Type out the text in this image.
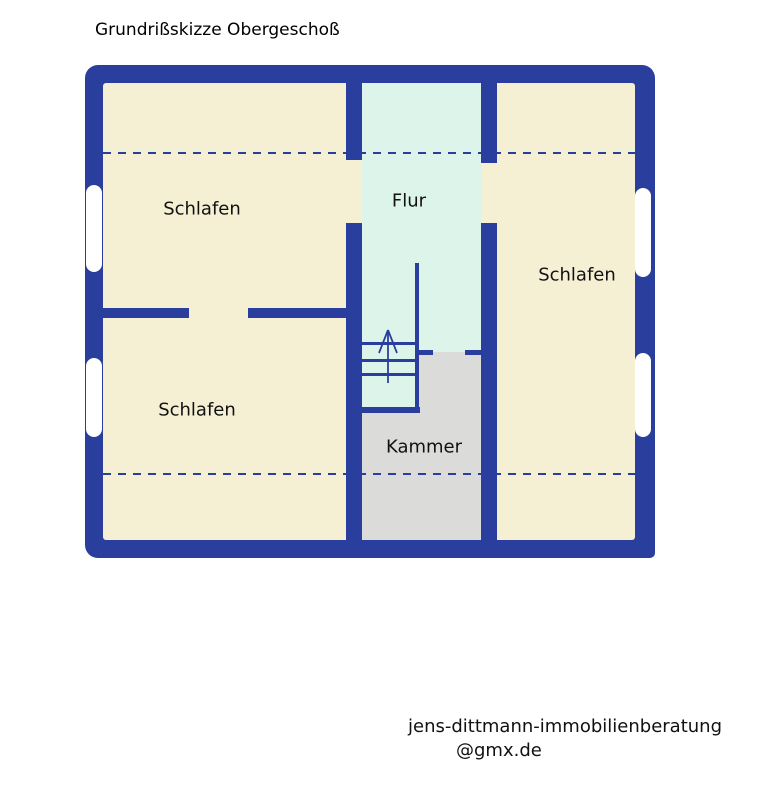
Grundrißskizze Obergeschoß
Schlafen
Schlafen
Schlafen
Flur
Kammer
jens-dittmann-immobilienberatung
@gmx.de
